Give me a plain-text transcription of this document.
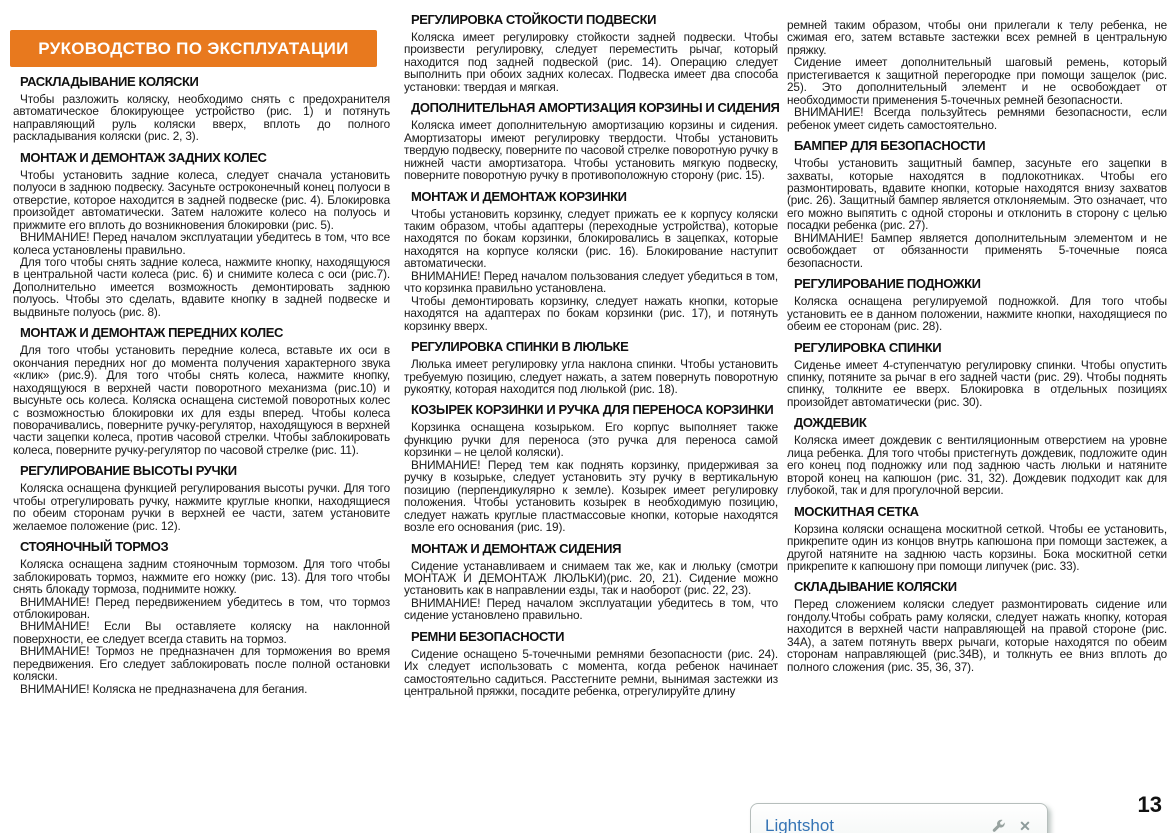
РУКОВОДСТВО ПО ЭКСПЛУАТАЦИИ
РАСКЛАДЫВАНИЕ КОЛЯСКИ

Чтобы разложить коляску, необходимо снять с предохранителя автоматическое блокирующее устройство (рис. 1) и потянуть направляющий руль коляски вверх, вплоть до полного раскладывания коляски (рис. 2, 3).

МОНТАЖ И ДЕМОНТАЖ ЗАДНИХ КОЛЕС

Чтобы установить задние колеса, следует сначала установить полуоси в заднюю подвеску. Засуньте остроконечный конец полуоси в отверстие, которое находится в задней подвеске (рис. 4). Блокировка произойдет автоматически. Затем наложите колесо на полуось и прижмите его вплоть до возникновения блокировки (рис. 5).

ВНИМАНИЕ! Перед началом эксплуатации убедитесь в том, что все колеса установлены правильно.

Для того чтобы снять задние колеса, нажмите кнопку, находящуюся в центральной части колеса (рис. 6) и снимите колеса с оси (рис.7). Дополнительно имеется возможность демонтировать заднюю полуось. Чтобы это сделать, вдавите кнопку в задней подвеске и выдвиньте полуось (рис. 8).

МОНТАЖ И ДЕМОНТАЖ ПЕРЕДНИХ КОЛЕС

Для того чтобы установить передние колеса, вставьте их оси в окончания передних ног до момента получения характерного звука «клик» (рис.9). Для того чтобы снять колеса, нажмите кнопку, находящуюся в верхней части поворотного механизма (рис.10) и высуньте ось колеса. Коляска оснащена системой поворотных колес с возможностью блокировки их для езды вперед. Чтобы колеса поворачивались, поверните ручку-регулятор, находящуюся в верхней части зацепки колеса, против часовой стрелки. Чтобы заблокировать колеса, поверните ручку-регулятор по часовой стрелке (рис. 11).

РЕГУЛИРОВАНИЕ ВЫСОТЫ РУЧКИ

Коляска оснащена функцией регулирования высоты ручки. Для того чтобы отрегулировать ручку, нажмите круглые кнопки, находящиеся по обеим сторонам ручки в верхней ее части, затем установите желаемое положение (рис. 12).

СТОЯНОЧНЫЙ ТОРМОЗ

Коляска оснащена задним стояночным тормозом. Для того чтобы заблокировать тормоз, нажмите его ножку (рис. 13). Для того чтобы снять блокаду тормоза, поднимите ножку.

ВНИМАНИЕ! Перед передвижением убедитесь в том, что тормоз отблокирован.

ВНИМАНИЕ! Если Вы оставляете коляску на наклонной поверхности, ее следует всегда ставить на тормоз.

ВНИМАНИЕ! Тормоз не предназначен для торможения во время передвижения. Его следует заблокировать после полной остановки коляски.

ВНИМАНИЕ! Коляска не предназначена для бегания.

РЕГУЛИРОВКА СТОЙКОСТИ ПОДВЕСКИ

Коляска имеет регулировку стойкости задней подвески. Чтобы произвести регулировку, следует переместить рычаг, который находится под задней подвеской (рис. 14). Операцию следует выполнить при обоих задних колесах. Подвеска имеет два способа установки: твердая и мягкая.

ДОПОЛНИТЕЛЬНАЯ АМОРТИЗАЦИЯ КОРЗИНЫ И СИДЕНИЯ

Коляска имеет дополнительную амортизацию корзины и сидения. Амортизаторы имеют регулировку твердости. Чтобы установить твердую подвеску, поверните по часовой стрелке поворотную ручку в нижней части амортизатора. Чтобы установить мягкую подвеску, поверните поворотную ручку в противоположную сторону (рис. 15).

МОНТАЖ И ДЕМОНТАЖ КОРЗИНКИ

Чтобы установить корзинку, следует прижать ее к корпусу коляски таким образом, чтобы адаптеры (переходные устройства), которые находятся по бокам корзинки, блокировались в зацепках, которые находятся на корпусе коляски (рис. 16). Блокирование наступит автоматически.

ВНИМАНИЕ! Перед началом пользования следует убедиться в том, что корзинка правильно установлена.

Чтобы демонтировать корзинку, следует нажать кнопки, которые находятся на адаптерах по бокам корзинки (рис. 17), и потянуть корзинку вверх.

РЕГУЛИРОВКА СПИНКИ В ЛЮЛЬКЕ

Люлька имеет регулировку угла наклона спинки. Чтобы установить требуемую позицию, следует нажать, а затем повернуть поворотную рукоятку, которая находится под люлькой (рис. 18).

КОЗЫРЕК КОРЗИНКИ И РУЧКА ДЛЯ ПЕРЕНОСА КОРЗИНКИ

Корзинка оснащена козырьком. Его корпус выполняет также функцию ручки для переноса (это ручка для переноса самой корзинки – не целой коляски).

ВНИМАНИЕ! Перед тем как поднять корзинку, придерживая за ручку в козырьке, следует установить эту ручку в вертикальную позицию (перпендикулярно к земле). Козырек имеет регулировку положения. Чтобы установить козырек в необходимую позицию, следует нажать круглые пластмассовые кнопки, которые находятся возле его основания (рис. 19).

МОНТАЖ И ДЕМОНТАЖ СИДЕНИЯ

Сидение устанавливаем и снимаем так же, как и люльку (смотри МОНТАЖ И ДЕМОНТАЖ ЛЮЛЬКИ)(рис. 20, 21). Сидение можно установить как в направлении езды, так и наоборот (рис. 22, 23).

ВНИМАНИЕ! Перед началом эксплуатации убедитесь в том, что сидение установлено правильно.

РЕМНИ БЕЗОПАСНОСТИ

Сидение оснащено 5-точечными ремнями безопасности (рис. 24). Их следует использовать с момента, когда ребенок начинает самостоятельно садиться. Расстегните ремни, вынимая застежки из центральной пряжки, посадите ребенка, отрегулируйте длину

ремней таким образом, чтобы они прилегали к телу ребенка, не сжимая его, затем вставьте застежки всех ремней в центральную пряжку.

Сидение имеет дополнительный шаговый ремень, который пристегивается к защитной перегородке при помощи защелок (рис. 25). Это дополнительный элемент и не освобождает от необходимости применения 5-точечных ремней безопасности.

ВНИМАНИЕ! Всегда пользуйтесь ремнями безопасности, если ребенок умеет сидеть самостоятельно.

БАМПЕР ДЛЯ БЕЗОПАСНОСТИ

Чтобы установить защитный бампер, засуньте его зацепки в захваты, которые находятся в подлокотниках. Чтобы его размонтировать, вдавите кнопки, которые находятся внизу захватов (рис. 26). Защитный бампер является отклоняемым. Это означает, что его можно выпятить с одной стороны и отклонить в сторону с целью посадки ребенка (рис. 27).

ВНИМАНИЕ! Бампер является дополнительным элементом и не освобождает от обязанности применять 5-точечные пояса безопасности.

РЕГУЛИРОВАНИЕ ПОДНОЖКИ

Коляска оснащена регулируемой подножкой. Для того чтобы установить ее в данном положении, нажмите кнопки, находящиеся по обеим ее сторонам (рис. 28).

РЕГУЛИРОВКА СПИНКИ

Сиденье имеет 4-ступенчатую регулировку спинки. Чтобы опустить спинку, потяните за рычаг в его задней части (рис. 29). Чтобы поднять спинку, толкните ее вверх. Блокировка в отдельных позициях произойдет автоматически (рис. 30).

ДОЖДЕВИК

Коляска имеет дождевик с вентиляционным отверстием на уровне лица ребенка. Для того чтобы пристегнуть дождевик, подложите один его конец под подножку или под заднюю часть люльки и натяните второй конец на капюшон (рис. 31, 32). Дождевик подходит как для глубокой, так и для прогулочной версии.

МОСКИТНАЯ СЕТКА

Корзина коляски оснащена москитной сеткой. Чтобы ее установить, прикрепите один из концов внутрь капюшона при помощи застежек, а другой натяните на заднюю часть корзины. Бока москитной сетки прикрепите к капюшону при помощи липучек (рис. 33).

СКЛАДЫВАНИЕ КОЛЯСКИ

Перед сложением коляски следует размонтировать сидение или гондолу.Чтобы собрать раму коляски, следует нажать кнопку, которая находится в верхней части направляющей на правой стороне (рис. 34А), а затем потянуть вверх рычаги, которые находятся по обеим сторонам направляющей (рис.34В), и толкнуть ее вниз вплоть до полного сложения (рис. 35, 36, 37).

Lightshot	✕
13
